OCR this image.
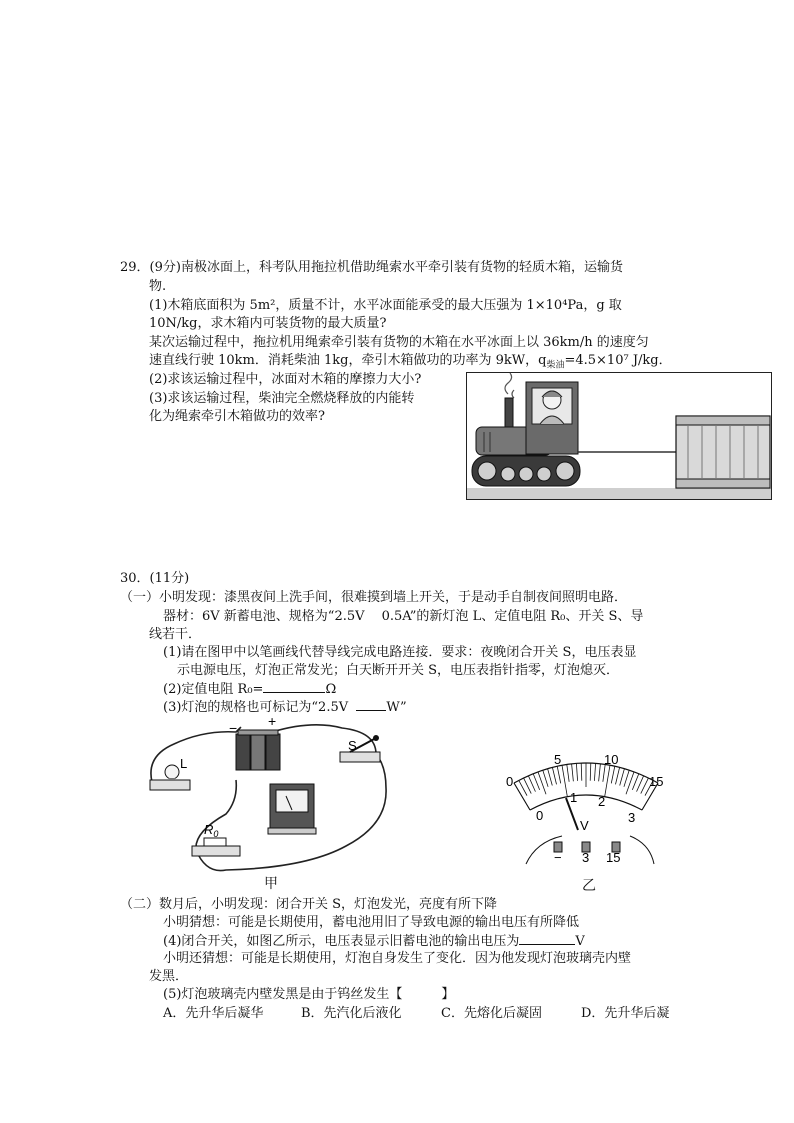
29．(9分)南极冰面上，科考队用拖拉机借助绳索水平牵引装有货物的轻质木箱，运输货
物.
(1)木箱底面积为 5m²，质量不计，水平冰面能承受的最大压强为 1×10⁴Pa，g 取
10N/kg，求木箱内可装货物的最大质量?
某次运输过程中，拖拉机用绳索牵引装有货物的木箱在水平冰面上以 36km/h 的速度匀
速直线行驶 10km．消耗柴油 1kg，牵引木箱做功的功率为 9kW，$q_{柴油}=4.5\times 10^7$ J/kg．
(2)求该运输过程中，冰面对木箱的摩擦力大小?
(3)求该运输过程，柴油完全燃烧释放的内能转
化为绳索牵引木箱做功的效率?
30．(11分)
（一）小明发现：漆黑夜间上洗手间，很难摸到墙上开关，于是动手自制夜间照明电路．
器材：6V 新蓄电池、规格为“2.5V　 0.5A”的新灯泡 L、定值电阻 R₀、开关 S、导
线若干．
(1)请在图甲中以笔画线代替导线完成电路连接．要求：夜晚闭合开关 S，电压表显
示电源电压，灯泡正常发光；白天断开开关 S，电压表指针指零，灯泡熄灭．
(2)定值电阻 R₀=	Ω
(3)灯泡的规格也可标记为“2.5V	W”
− +
S
L
$R_0$
甲
0
5	10
15
0
1 2
3
V
− 3 15
乙
（二）数月后，小明发现：闭合开关 S，灯泡发光，亮度有所下降
小明猜想：可能是长期使用，蓄电池用旧了导致电源的输出电压有所降低
(4)闭合开关，如图乙所示，电压表显示旧蓄电池的输出电压为	V
小明还猜想：可能是长期使用，灯泡自身发生了变化．因为他发现灯泡玻璃壳内壁
发黑．
(5)灯泡玻璃壳内壁发黑是由于钨丝发生【　　　】
A．先升华后凝华	B．先汽化后液化	C．先熔化后凝固	D．先升华后凝
